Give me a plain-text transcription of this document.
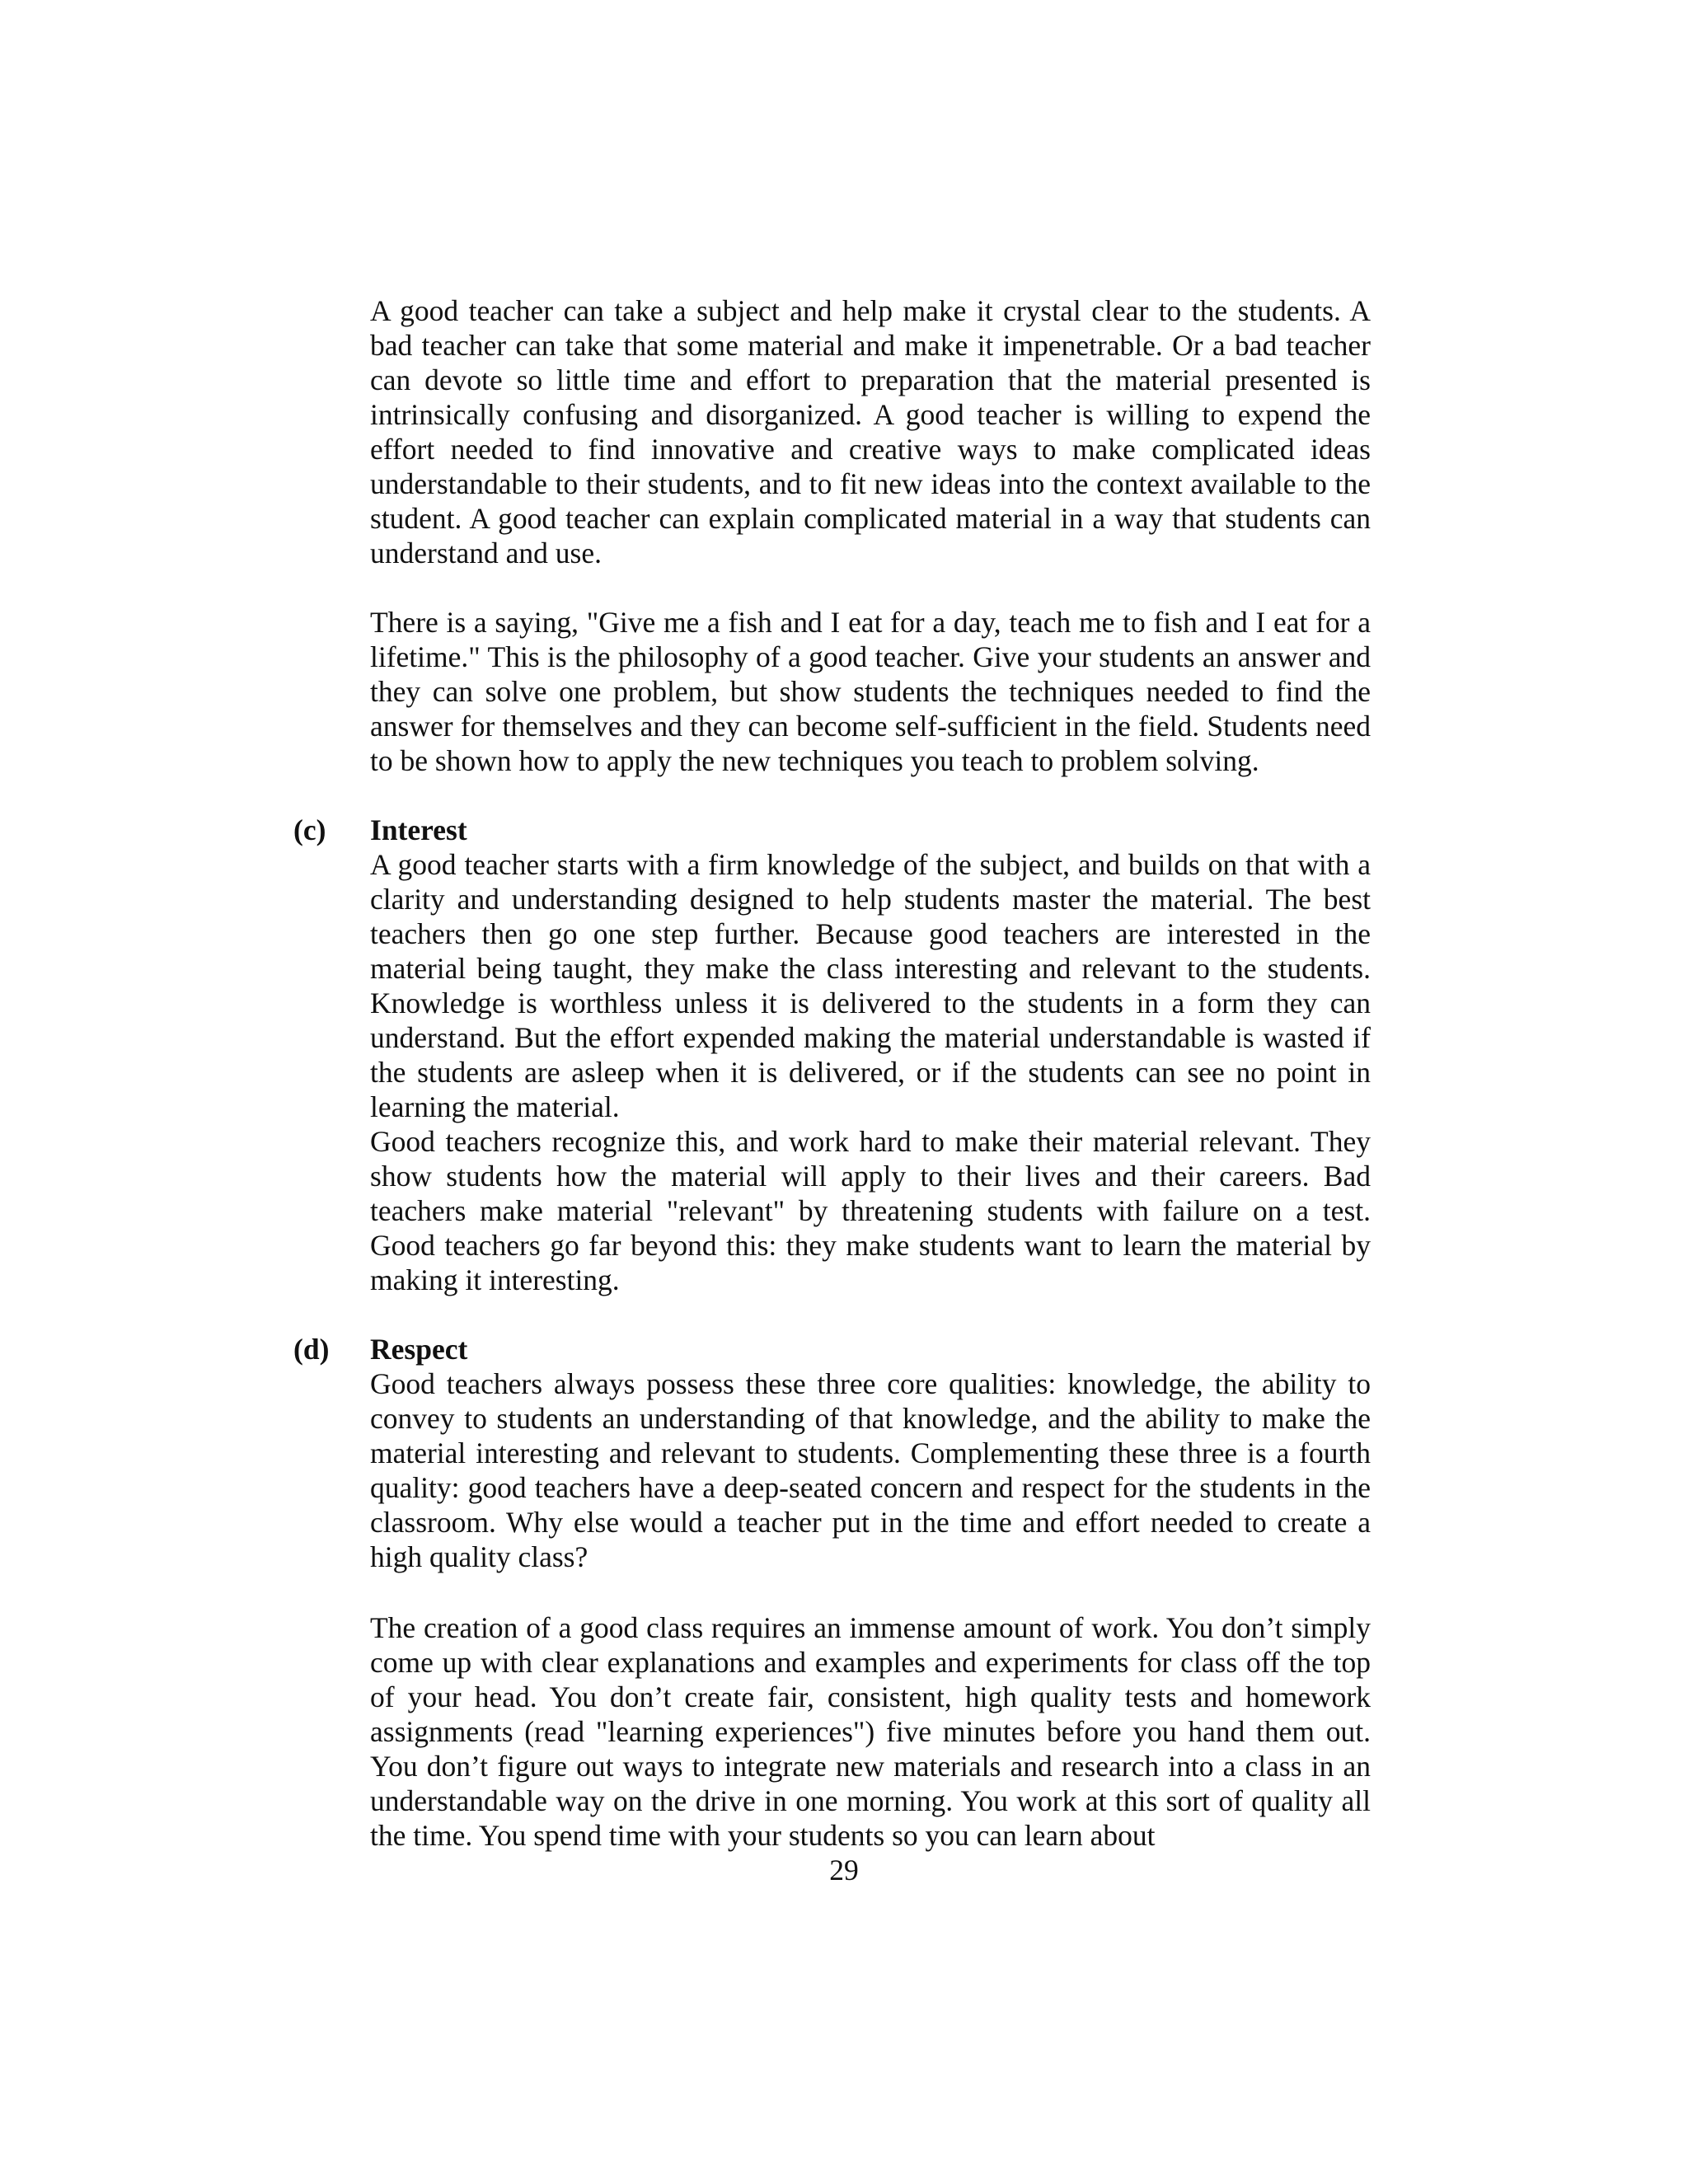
A good teacher can take a subject and help make it crystal clear to the students. A bad teacher can take that some material and make it impenetrable. Or a bad teacher can devote so little time and effort to preparation that the material presented is intrinsically confusing and disorganized. A good teacher is willing to expend the effort needed to find innovative and creative ways to make complicated ideas understandable to their students, and to fit new ideas into the context available to the student. A good teacher can explain complicated material in a way that students can understand and use.

There is a saying, "Give me a fish and I eat for a day, teach me to fish and I eat for a lifetime." This is the philosophy of a good teacher. Give your students an answer and they can solve one problem, but show students the techniques needed to find the answer for themselves and they can become self-sufficient in the field. Students need to be shown how to apply the new techniques you teach to problem solving.

(c) Interest
A good teacher starts with a firm knowledge of the subject, and builds on that with a clarity and understanding designed to help students master the material. The best teachers then go one step further. Because good teachers are interested in the material being taught, they make the class interesting and relevant to the students. Knowledge is worthless unless it is delivered to the students in a form they can understand. But the effort expended making the material understandable is wasted if the students are asleep when it is delivered, or if the students can see no point in learning the material.
Good teachers recognize this, and work hard to make their material relevant. They show students how the material will apply to their lives and their careers. Bad teachers make material "relevant" by threatening students with failure on a test. Good teachers go far beyond this: they make students want to learn the material by making it interesting.
(d) Respect
Good teachers always possess these three core qualities: knowledge, the ability to convey to students an understanding of that knowledge, and the ability to make the material interesting and relevant to students. Complementing these three is a fourth quality: good teachers have a deep-seated concern and respect for the students in the classroom. Why else would a teacher put in the time and effort needed to create a high quality class?

The creation of a good class requires an immense amount of work. You don’t simply come up with clear explanations and examples and experiments for class off the top of your head. You don’t create fair, consistent, high quality tests and homework assignments (read "learning experiences") five minutes before you hand them out. You don’t figure out ways to integrate new materials and research into a class in an understandable way on the drive in one morning. You work at this sort of quality all the time. You spend time with your students so you can learn about

29
